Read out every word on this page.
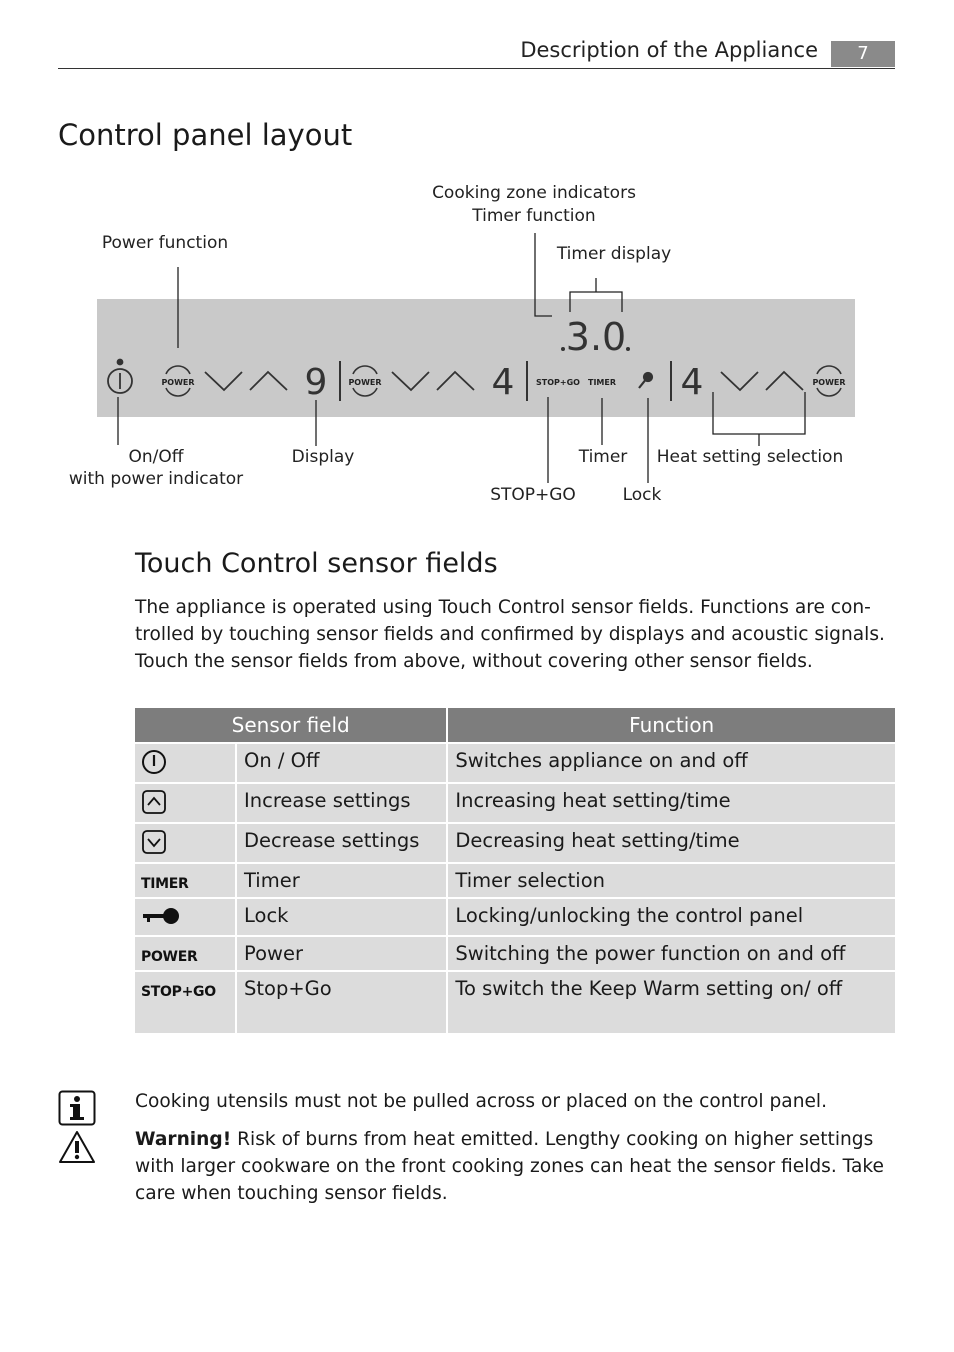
Description of the Appliance	7
Control panel layout
Cooking zone indicators
Timer function
Power function
Timer display
On/Off
with power indicator
Display	Timer Heat setting selection
STOP+GO	Lock
POWER	9	POWER	4	STOP+GO TIMER
3.0
4	POWER
Touch Control sensor fields
The appliance is operated using Touch Control sensor fields. Functions are con-trolled by touching sensor fields and confirmed by displays and acoustic signals. Touch the sensor fields from above, without covering other sensor fields.
Sensor field		Function
	On / Off	Switches appliance on and off
	Increase settings	Increasing heat setting/time
	Decrease settings	Decreasing heat setting/time
TIMER	Timer	Timer selection
	Lock	Locking/unlocking the control panel
POWER	Power	Switching the power function on and off
STOP+GO	Stop+Go	To switch the Keep Warm setting on/ off
Cooking utensils must not be pulled across or placed on the control panel.
Warning! Risk of burns from heat emitted. Lengthy cooking on higher settings with larger cookware on the front cooking zones can heat the sensor fields. Take care when touching sensor fields.
